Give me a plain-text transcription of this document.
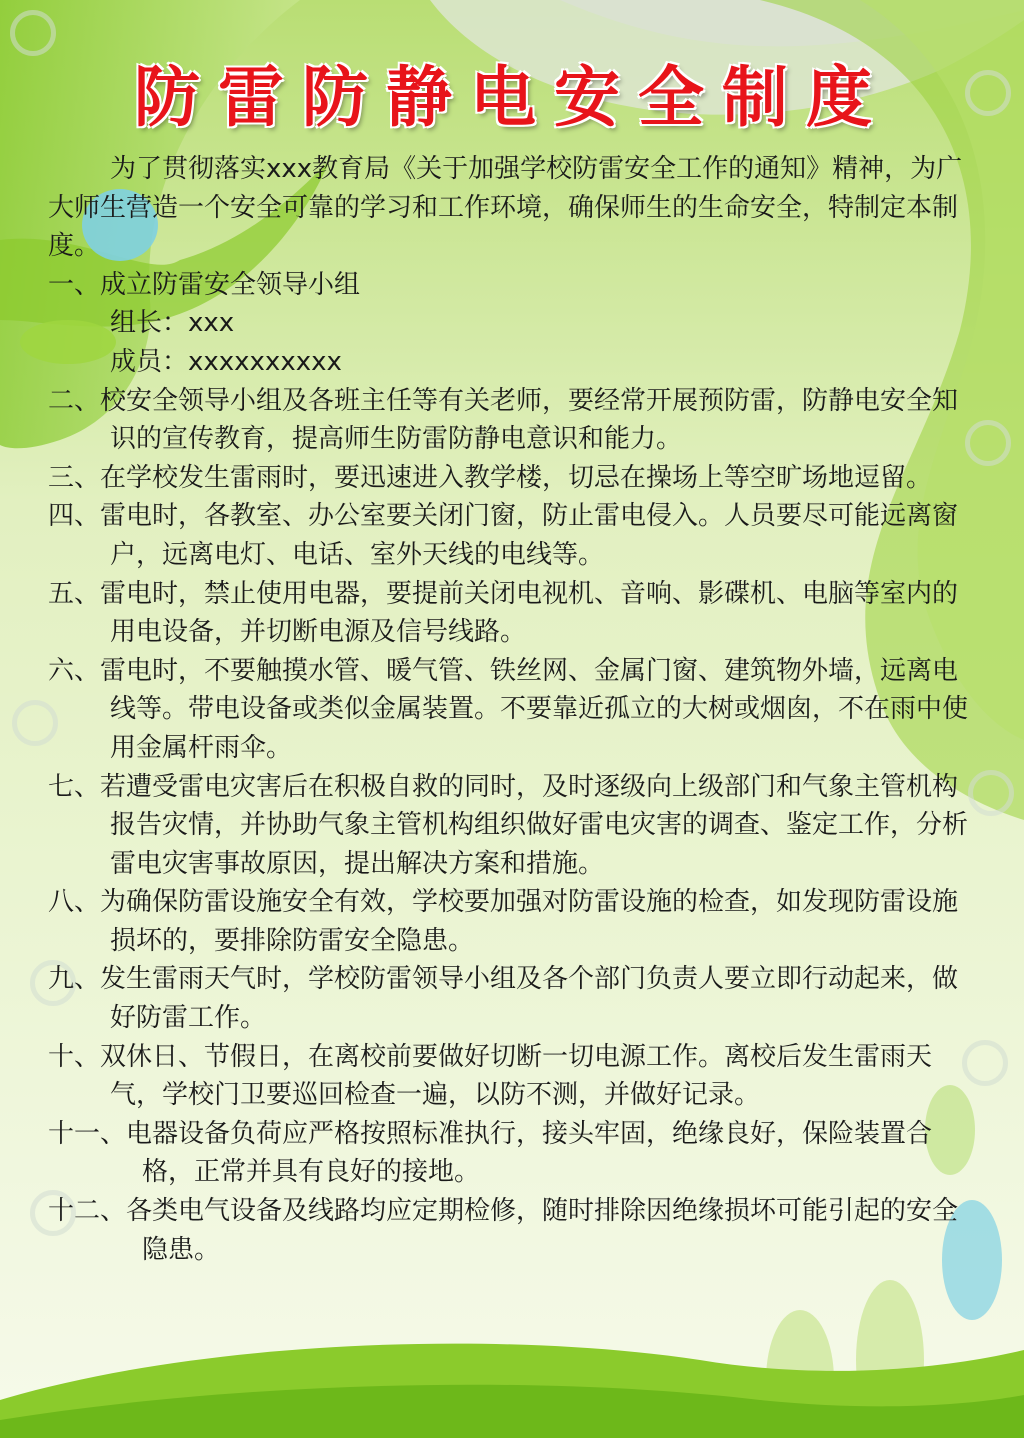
防雷防静电安全制度

为了贯彻落实xxx教育局《关于加强学校防雷安全工作的通知》精神，为广大师生营造一个安全可靠的学习和工作环境，确保师生的生命安全，特制定本制度。

一、成立防雷安全领导小组

组长：xxx

成员：xxxxxxxxxx

二、校安全领导小组及各班主任等有关老师，要经常开展预防雷，防静电安全知识的宣传教育，提高师生防雷防静电意识和能力。

三、在学校发生雷雨时，要迅速进入教学楼，切忌在操场上等空旷场地逗留。

四、雷电时，各教室、办公室要关闭门窗，防止雷电侵入。人员要尽可能远离窗户，远离电灯、电话、室外天线的电线等。

五、雷电时，禁止使用电器，要提前关闭电视机、音响、影碟机、电脑等室内的用电设备，并切断电源及信号线路。

六、雷电时，不要触摸水管、暖气管、铁丝网、金属门窗、建筑物外墙，远离电线等。带电设备或类似金属装置。不要靠近孤立的大树或烟囱，不在雨中使用金属杆雨伞。

七、若遭受雷电灾害后在积极自救的同时，及时逐级向上级部门和气象主管机构报告灾情，并协助气象主管机构组织做好雷电灾害的调查、鉴定工作，分析雷电灾害事故原因，提出解决方案和措施。

八、为确保防雷设施安全有效，学校要加强对防雷设施的检查，如发现防雷设施损坏的，要排除防雷安全隐患。

九、发生雷雨天气时，学校防雷领导小组及各个部门负责人要立即行动起来，做好防雷工作。

十、双休日、节假日，在离校前要做好切断一切电源工作。离校后发生雷雨天气，学校门卫要巡回检查一遍，以防不测，并做好记录。

十一、电器设备负荷应严格按照标准执行，接头牢固，绝缘良好，保险装置合格，正常并具有良好的接地。

十二、各类电气设备及线路均应定期检修，随时排除因绝缘损坏可能引起的安全隐患。
